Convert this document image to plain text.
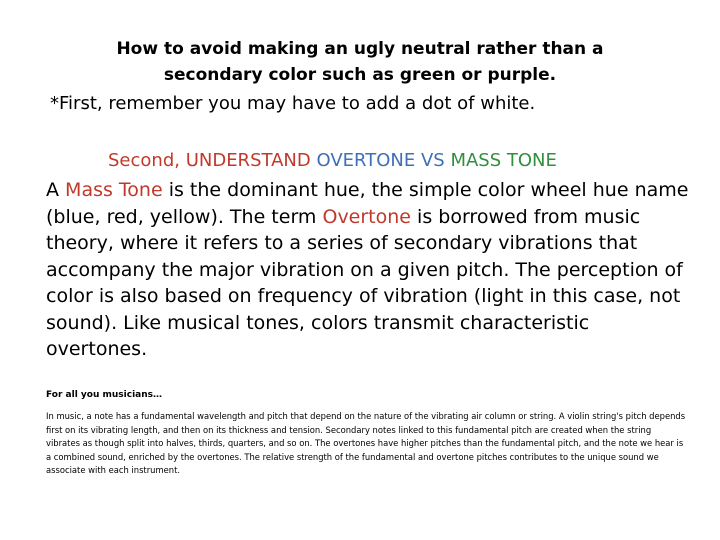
How to avoid making an ugly neutral rather than a secondary color such as green or purple.
*First, remember you may have to add a dot of white.
Second, UNDERSTAND OVERTONE VS MASS TONE
A Mass Tone is the dominant hue, the simple color wheel hue name (blue, red, yellow). The term Overtone is borrowed from music theory, where it refers to a series of secondary vibrations that accompany the major vibration on a given pitch. The perception of color is also based on frequency of vibration (light in this case, not sound). Like musical tones, colors transmit characteristic overtones.
For all you musicians…
In music, a note has a fundamental wavelength and pitch that depend on the nature of the vibrating air column or string. A violin string's pitch depends first on its vibrating length, and then on its thickness and tension. Secondary notes linked to this fundamental pitch are created when the string vibrates as though split into halves, thirds, quarters, and so on. The overtones have higher pitches than the fundamental pitch, and the note we hear is a combined sound, enriched by the overtones. The relative strength of the fundamental and overtone pitches contributes to the unique sound we associate with each instrument.
